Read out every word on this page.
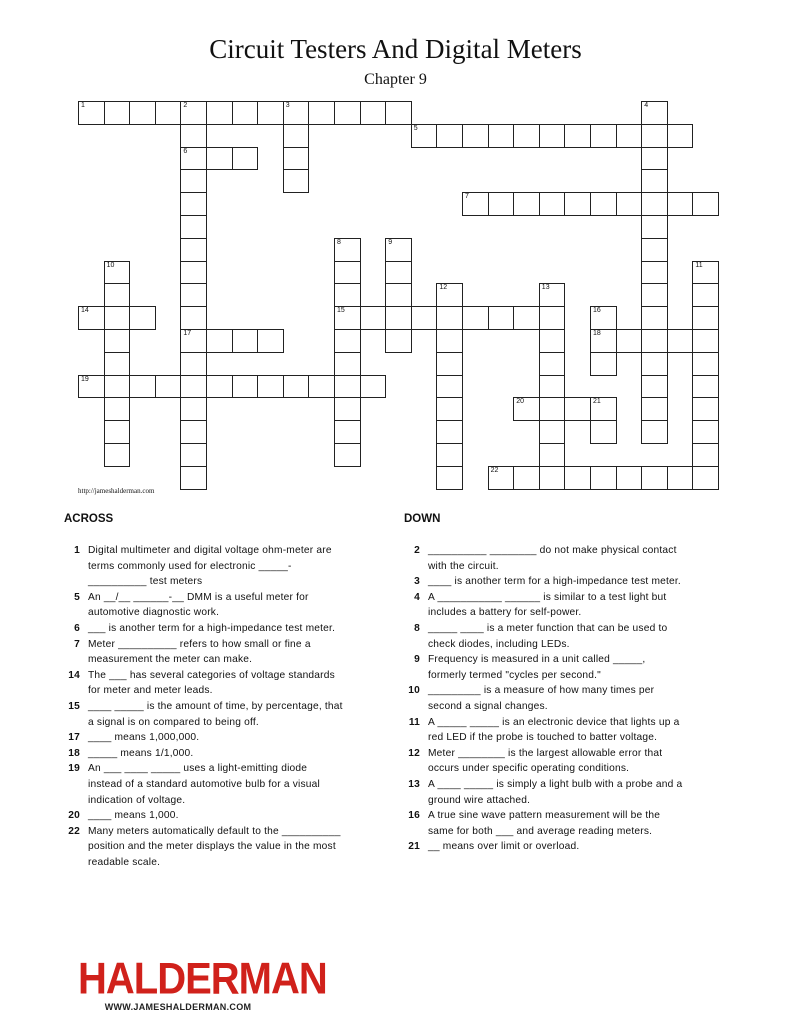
Circuit Testers And Digital Meters
Chapter 9
1	2	3
5
6
7
14	15
17	18
19
20	21
22
4
8	9
10	11
12	13
16
http://jameshalderman.com
ACROSS	DOWN
1 Digital multimeter and digital voltage ohm-meter are terms commonly used for electronic _____-__________ test meters
5 An __/__ ______-__ DMM is a useful meter for automotive diagnostic work.
6 ___ is another term for a high-impedance test meter.
7 Meter __________ refers to how small or fine a measurement the meter can make.
14 The ___ has several categories of voltage standards for meter and meter leads.
15 ____ _____ is the amount of time, by percentage, that a signal is on compared to being off.
17 ____ means 1,000,000.
18 _____ means 1/1,000.
19 An ___ ____ _____ uses a light-emitting diode instead of a standard automotive bulb for a visual indication of voltage.
20 ____ means 1,000.
22 Many meters automatically default to the __________ position and the meter displays the value in the most readable scale.
2 __________ ________ do not make physical contact with the circuit.
3 ____ is another term for a high-impedance test meter.
4 A ___________ ______ is similar to a test light but includes a battery for self-power.
8 _____ ____ is a meter function that can be used to check diodes, including LEDs.
9 Frequency is measured in a unit called _____, formerly termed "cycles per second."
10 _________ is a measure of how many times per second a signal changes.
11 A _____ _____ is an electronic device that lights up a red LED if the probe is touched to batter voltage.
12 Meter ________ is the largest allowable error that occurs under specific operating conditions.
13 A ____ _____ is simply a light bulb with a probe and a ground wire attached.
16 A true sine wave pattern measurement will be the same for both ___ and average reading meters.
21 __ means over limit or overload.
HALDERMAN
WWW.JAMESHALDERMAN.COM
